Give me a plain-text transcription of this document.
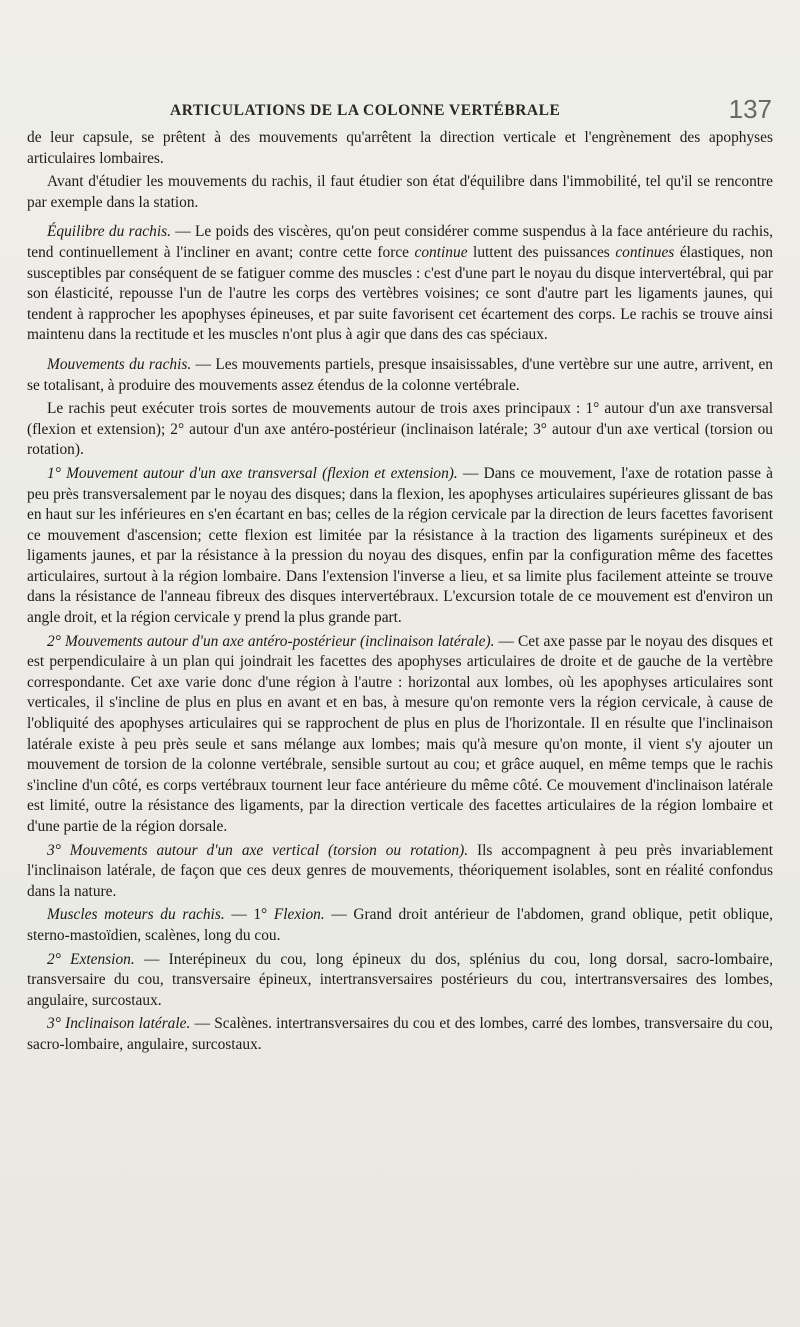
ARTICULATIONS DE LA COLONNE VERTÉBRALE	137

de leur capsule, se prêtent à des mouvements qu'arrêtent la direction verticale et l'engrènement des apophyses articulaires lombaires.

Avant d'étudier les mouvements du rachis, il faut étudier son état d'équilibre dans l'immobilité, tel qu'il se rencontre par exemple dans la station.

Équilibre du rachis. — Le poids des viscères, qu'on peut considérer comme suspendus à la face antérieure du rachis, tend continuellement à l'incliner en avant; contre cette force continue luttent des puissances continues élastiques, non susceptibles par conséquent de se fatiguer comme des muscles : c'est d'une part le noyau du disque intervertébral, qui par son élasticité, repousse l'un de l'autre les corps des vertèbres voisines; ce sont d'autre part les ligaments jaunes, qui tendent à rapprocher les apophyses épineuses, et par suite favorisent cet écartement des corps. Le rachis se trouve ainsi maintenu dans la rectitude et les muscles n'ont plus à agir que dans des cas spéciaux.

Mouvements du rachis. — Les mouvements partiels, presque insaisissables, d'une vertèbre sur une autre, arrivent, en se totalisant, à produire des mouvements assez étendus de la colonne vertébrale.

Le rachis peut exécuter trois sortes de mouvements autour de trois axes principaux : 1° autour d'un axe transversal (flexion et extension); 2° autour d'un axe antéro-postérieur (inclinaison latérale; 3° autour d'un axe vertical (torsion ou rotation).

1° Mouvement autour d'un axe transversal (flexion et extension). — Dans ce mouvement, l'axe de rotation passe à peu près transversalement par le noyau des disques; dans la flexion, les apophyses articulaires supérieures glissant de bas en haut sur les inférieures en s'en écartant en bas; celles de la région cervicale par la direction de leurs facettes favorisent ce mouvement d'ascension; cette flexion est limitée par la résistance à la traction des ligaments surépineux et des ligaments jaunes, et par la résistance à la pression du noyau des disques, enfin par la configuration même des facettes articulaires, surtout à la région lombaire. Dans l'extension l'inverse a lieu, et sa limite plus facilement atteinte se trouve dans la résistance de l'anneau fibreux des disques intervertébraux. L'excursion totale de ce mouvement est d'environ un angle droit, et la région cervicale y prend la plus grande part.

2° Mouvements autour d'un axe antéro-postérieur (inclinaison latérale). — Cet axe passe par le noyau des disques et est perpendiculaire à un plan qui joindrait les facettes des apophyses articulaires de droite et de gauche de la vertèbre correspondante. Cet axe varie donc d'une région à l'autre : horizontal aux lombes, où les apophyses articulaires sont verticales, il s'incline de plus en plus en avant et en bas, à mesure qu'on remonte vers la région cervicale, à cause de l'obliquité des apophyses articulaires qui se rapprochent de plus en plus de l'horizontale. Il en résulte que l'inclinaison latérale existe à peu près seule et sans mélange aux lombes; mais qu'à mesure qu'on monte, il vient s'y ajouter un mouvement de torsion de la colonne vertébrale, sensible surtout au cou; et grâce auquel, en même temps que le rachis s'incline d'un côté, es corps vertébraux tournent leur face antérieure du même côté. Ce mouvement d'inclinaison latérale est limité, outre la résistance des ligaments, par la direction verticale des facettes articulaires de la région lombaire et d'une partie de la région dorsale.

3° Mouvements autour d'un axe vertical (torsion ou rotation). Ils accompagnent à peu près invariablement l'inclinaison latérale, de façon que ces deux genres de mouvements, théoriquement isolables, sont en réalité confondus dans la nature.

Muscles moteurs du rachis. — 1° Flexion. — Grand droit antérieur de l'abdomen, grand oblique, petit oblique, sterno-mastoïdien, scalènes, long du cou.

2° Extension. — Interépineux du cou, long épineux du dos, splénius du cou, long dorsal, sacro-lombaire, transversaire du cou, transversaire épineux, intertransversaires postérieurs du cou, intertransversaires des lombes, angulaire, surcostaux.

3° Inclinaison latérale. — Scalènes. intertransversaires du cou et des lombes, carré des lombes, transversaire du cou, sacro-lombaire, angulaire, surcostaux.
